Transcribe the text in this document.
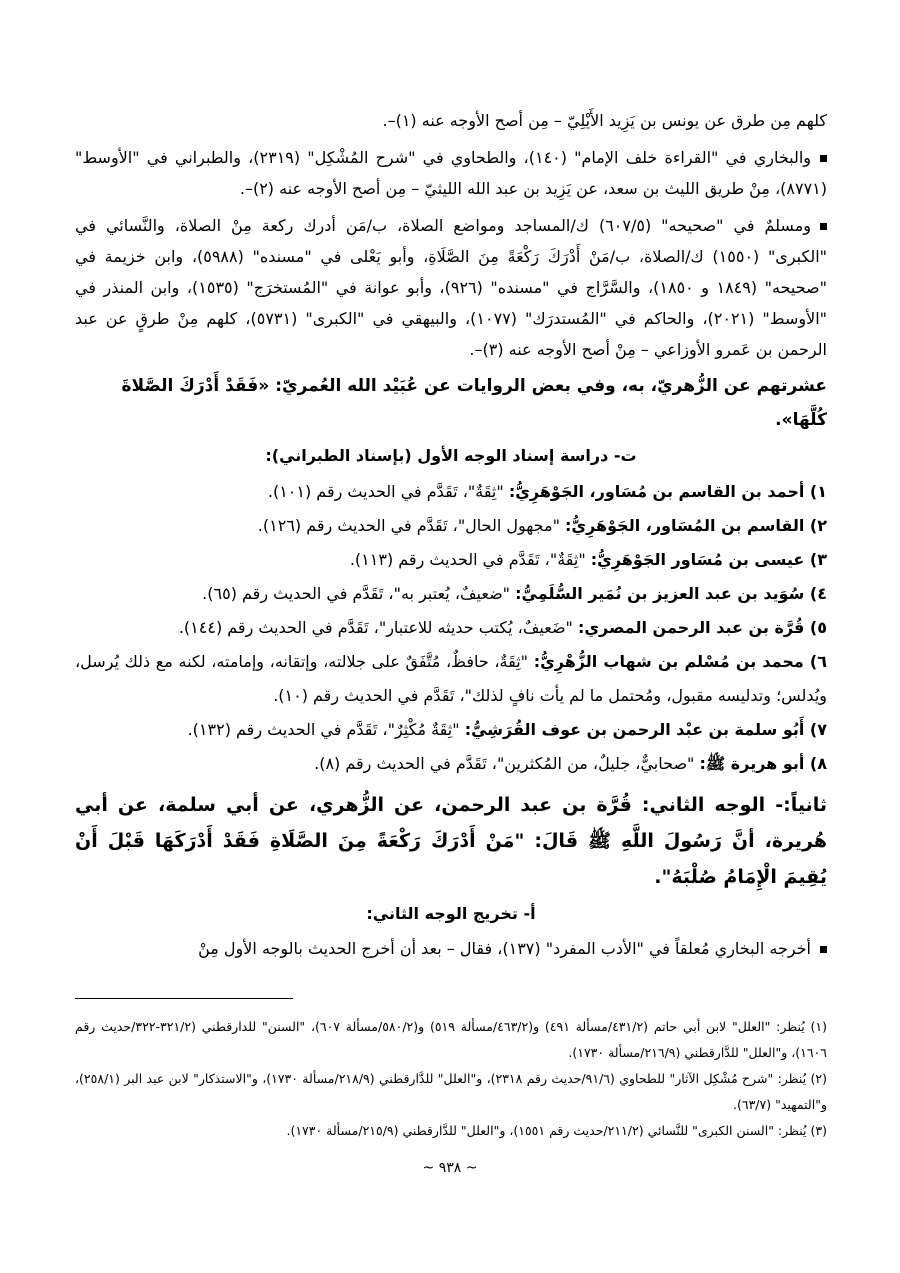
كلهم مِن طرق عن يونس بن يَزِيد الأَيْلِيّ – مِن أصح الأوجه عنه (١)–.

والبخاري في "القراءة خلف الإمام" (١٤٠)، والطحاوي في "شرح المُشْكِل" (٢٣١٩)، والطبراني في "الأوسط" (٨٧٧١)، مِنْ طريق الليث بن سعد، عن يَزِيد بن عبد الله الليثيّ – مِن أصح الأوجه عنه (٢)–.

ومسلمٌ في "صحيحه" (٦٠٧/٥) ك/المساجد ومواضع الصلاة، ب/مَن أدرك ركعة مِنْ الصلاة، والنَّسائي في "الكبرى" (١٥٥٠) ك/الصلاة، ب/مَنْ أَدْرَكَ رَكْعَةً مِنَ الصَّلَاةِ، وأبو يَعْلى في "مسنده" (٥٩٨٨)، وابن خزيمة في "صحيحه" (١٨٤٩ و ١٨٥٠)، والسَّرَّاج في "مسنده" (٩٢٦)، وأبو عوانة في "المُستخرَج" (١٥٣٥)، وابن المنذر في "الأوسط" (٢٠٢١)، والحاكم في "المُستدرَك" (١٠٧٧)، والبيهقي في "الكبرى" (٥٧٣١)، كلهم مِنْ طرقٍ عن عبد الرحمن بن عَمرو الأوزاعي – مِنْ أصح الأوجه عنه (٣)–.

عشرتهم عن الزُّهريّ، به، وفي بعض الروايات عن عُبَيْد الله العُمريّ: «فَقَدْ أَدْرَكَ الصَّلاةَ كُلَّهَا».

ت- دراسة إسناد الوجه الأول (بإسناد الطبراني):

١) أحمد بن القاسم بن مُسَاور، الجَوْهَرِيُّ: "ثِقَةٌ"، تَقَدَّم في الحديث رقم (١٠١).

٢) القاسم بن المُسَاور، الجَوْهَرِيُّ: "مجهول الحال"، تَقَدَّم في الحديث رقم (١٢٦).

٣) عيسى بن مُسَاور الجَوْهَرِيُّ: "ثِقَةٌ"، تَقَدَّم في الحديث رقم (١١٣).

٤) سُوَيد بن عبد العزيز بن نُمَير السُّلَمِيُّ: "ضعيفٌ، يُعتبر به"، تَقَدَّم في الحديث رقم (٦٥).

٥) قُرَّة بن عبد الرحمن المصري: "ضَعيفٌ، يُكتب حديثه للاعتبار"، تَقَدَّم في الحديث رقم (١٤٤).

٦) محمد بن مُسْلم بن شهاب الزُّهْرِيُّ: "ثِقَةٌ، حافظٌ، مُتَّفَقٌ على جلالته، وإتقانه، وإمامته، لكنه مع ذلك يُرسل، ويُدلس؛ وتدليسه مقبول، ومُحتمل ما لم يأت نافٍ لذلك"، تَقَدَّم في الحديث رقم (١٠).

٧) أَبُو سلمة بن عبْد الرحمن بن عوف القُرَشِيُّ: "ثِقَةٌ مُكْثِرٌ"، تَقَدَّم في الحديث رقم (١٣٢).

٨) أبو هريرة ﷺ: "صحابيٌّ، جليلٌ، من المُكثرين"، تَقَدَّم في الحديث رقم (٨).

ثانياً:- الوجه الثاني: قُرَّة بن عبد الرحمن، عن الزُّهري، عن أبي سلمة، عن أبي هُريرة، أنَّ رَسُولَ اللَّهِ ﷺ قَالَ: "مَنْ أَدْرَكَ رَكْعَةً مِنَ الصَّلَاةِ فَقَدْ أَدْرَكَهَا قَبْلَ أَنْ يُقِيمَ الْإِمَامُ صُلْبَهُ".

أ- تخريج الوجه الثاني:

أخرجه البخاري مُعلقاً في "الأدب المفرد" (١٣٧)، فقال – بعد أن أخرج الحديث بالوجه الأول مِنْ

(١) يُنظر: "العلل" لابن أبي حاتم (٤٣١/٢/مسألة ٤٩١) و(٤٦٣/٢/مسألة ٥١٩) و(٥٨٠/٢/مسألة ٦٠٧)، "السنن" للدارقطني (٣٢١/٢-٣٢٢/حديث رقم ١٦٠٦)، و"العلل" للدَّارقطني (٢١٦/٩/مسألة ١٧٣٠).

(٢) يُنظر: "شرح مُشْكِل الآثار" للطحاوي (٩١/٦/حديث رقم ٢٣١٨)، و"العلل" للدَّارقطني (٢١٨/٩/مسألة ١٧٣٠)، و"الاستذكار" لابن عبد البر (٢٥٨/١)، و"التمهيد" (٦٣/٧).

(٣) يُنظر: "السنن الكبرى" للنَّسائي (٢١١/٢/حديث رقم ١٥٥١)، و"العلل" للدَّارقطني (٢١٥/٩/مسألة ١٧٣٠).

~ ٩٣٨ ~
